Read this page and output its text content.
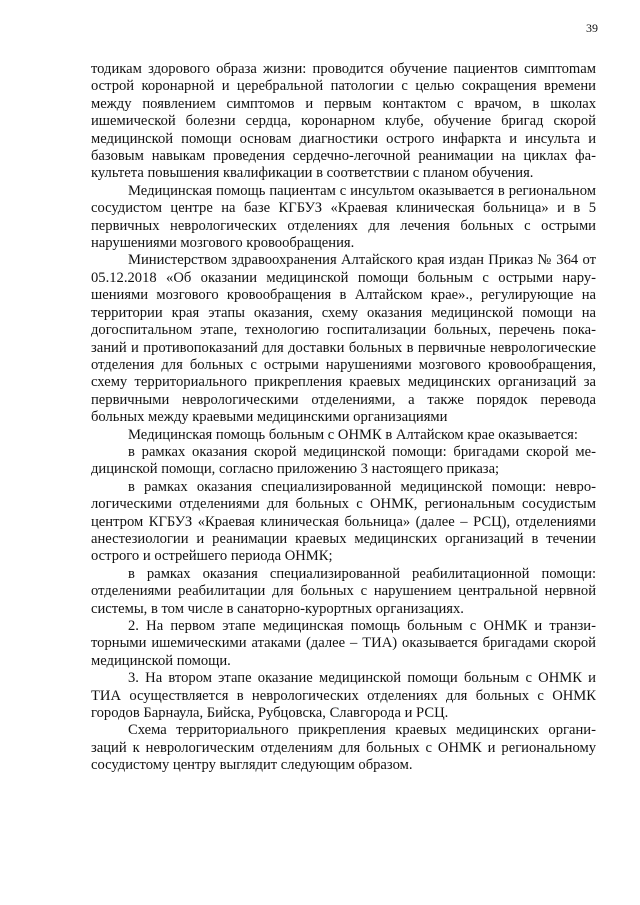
39

тодикам здорового образа жизни: проводится обучение пациентов симптоmам острой коронарной и церебральной патологии с целью сокращения времени между появлением симптомов и первым контактом с врачом, в школах ишемической болезни сердца, коронарном клубе, обучение бригад скорой медицинской помощи основам диагностики острого инфаркта и инсульта и базовым навыкам проведения сердечно-легочной реанимации на циклах факультета повышения квалификации в соответствии с планом обучения.

Медицинская помощь пациентам с инсультом оказывается в региональном сосудистом центре на базе КГБУЗ «Краевая клиническая больница» и в 5 первичных неврологических отделениях для лечения больных с острыми нарушениями мозгового кровообращения.

Министерством здравоохранения Алтайского края издан Приказ № 364 от 05.12.2018 «Об оказании медицинской помощи больным с острыми нарушениями мозгового кровообращения в Алтайском крае»., регулирующие на территории края этапы оказания, схему оказания медицинской помощи на догоспитальном этапе, технологию госпитализации больных, перечень показаний и противопоказаний для доставки больных в первичные неврологические отделения для больных с острыми нарушениями мозгового кровообращения, схему территориального прикрепления краевых медицинских организаций за первичными неврологическими отделениями, а также порядок перевода больных между краевыми медицинскими организациями

Медицинская помощь больным с ОНМК в Алтайском крае оказывается:

в рамках оказания скорой медицинской помощи: бригадами скорой медицинской помощи, согласно приложению 3 настоящего приказа;

в рамках оказания специализированной медицинской помощи: неврологическими отделениями для больных с ОНМК, региональным сосудистым центром КГБУЗ «Краевая клиническая больница» (далее – РСЦ), отделениями анестезиологии и реанимации краевых медицинских организаций в течении острого и острейшего периода ОНМК;

в рамках оказания специализированной реабилитационной помощи: отделениями реабилитации для больных с нарушением центральной нервной системы, в том числе в санаторно-курортных организациях.

2. На первом этапе медицинская помощь больным с ОНМК и транзиторными ишемическими атаками (далее – ТИА) оказывается бригадами скорой медицинской помощи.

3. На втором этапе оказание медицинской помощи больным с ОНМК и ТИА осуществляется в неврологических отделениях для больных с ОНМК городов Барнаула, Бийска, Рубцовска, Славгорода и РСЦ.

Схема территориального прикрепления краевых медицинских организаций к неврологическим отделениям для больных с ОНМК и региональному сосудистому центру выглядит следующим образом.
